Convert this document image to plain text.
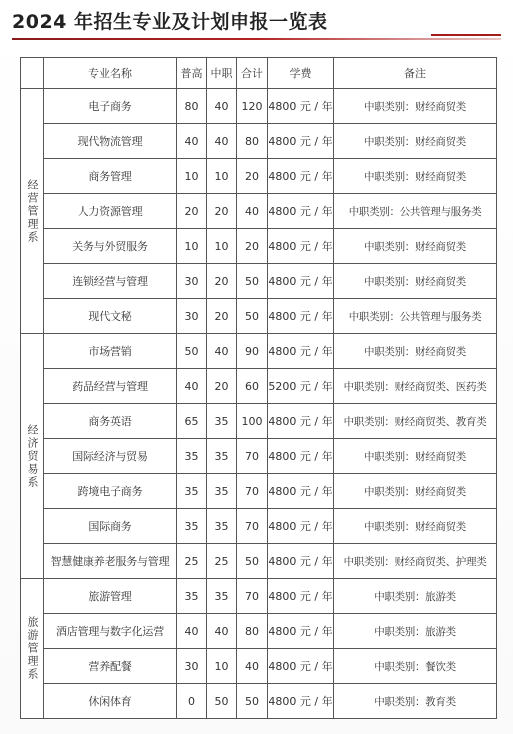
2024 年招生专业及计划申报一览表
	专业名称	普高	中职	合计	学费	备注

经营管理系	电子商务	80	40	120	4800 元 / 年	中职类别：财经商贸类
	现代物流管理	40	40	80	4800 元 / 年	中职类别：财经商贸类
	商务管理	10	10	20	4800 元 / 年	中职类别：财经商贸类
	人力资源管理	20	20	40	4800 元 / 年	中职类别：公共管理与服务类
	关务与外贸服务	10	10	20	4800 元 / 年	中职类别：财经商贸类
	连锁经营与管理	30	20	50	4800 元 / 年	中职类别：财经商贸类
	现代文秘	30	20	50	4800 元 / 年	中职类别：公共管理与服务类

经济贸易系	市场营销	50	40	90	4800 元 / 年	中职类别：财经商贸类
	药品经营与管理	40	20	60	5200 元 / 年	中职类别：财经商贸类、医药类
	商务英语	65	35	100	4800 元 / 年	中职类别：财经商贸类、教育类
	国际经济与贸易	35	35	70	4800 元 / 年	中职类别：财经商贸类
	跨境电子商务	35	35	70	4800 元 / 年	中职类别：财经商贸类
	国际商务	35	35	70	4800 元 / 年	中职类别：财经商贸类
	智慧健康养老服务与管理	25	25	50	4800 元 / 年	中职类别：财经商贸类、护理类

旅游管理系	旅游管理	35	35	70	4800 元 / 年	中职类别：旅游类
	酒店管理与数字化运营	40	40	80	4800 元 / 年	中职类别：旅游类
	营养配餐	30	10	40	4800 元 / 年	中职类别：餐饮类
	休闲体育	0	50	50	4800 元 / 年	中职类别：教育类
